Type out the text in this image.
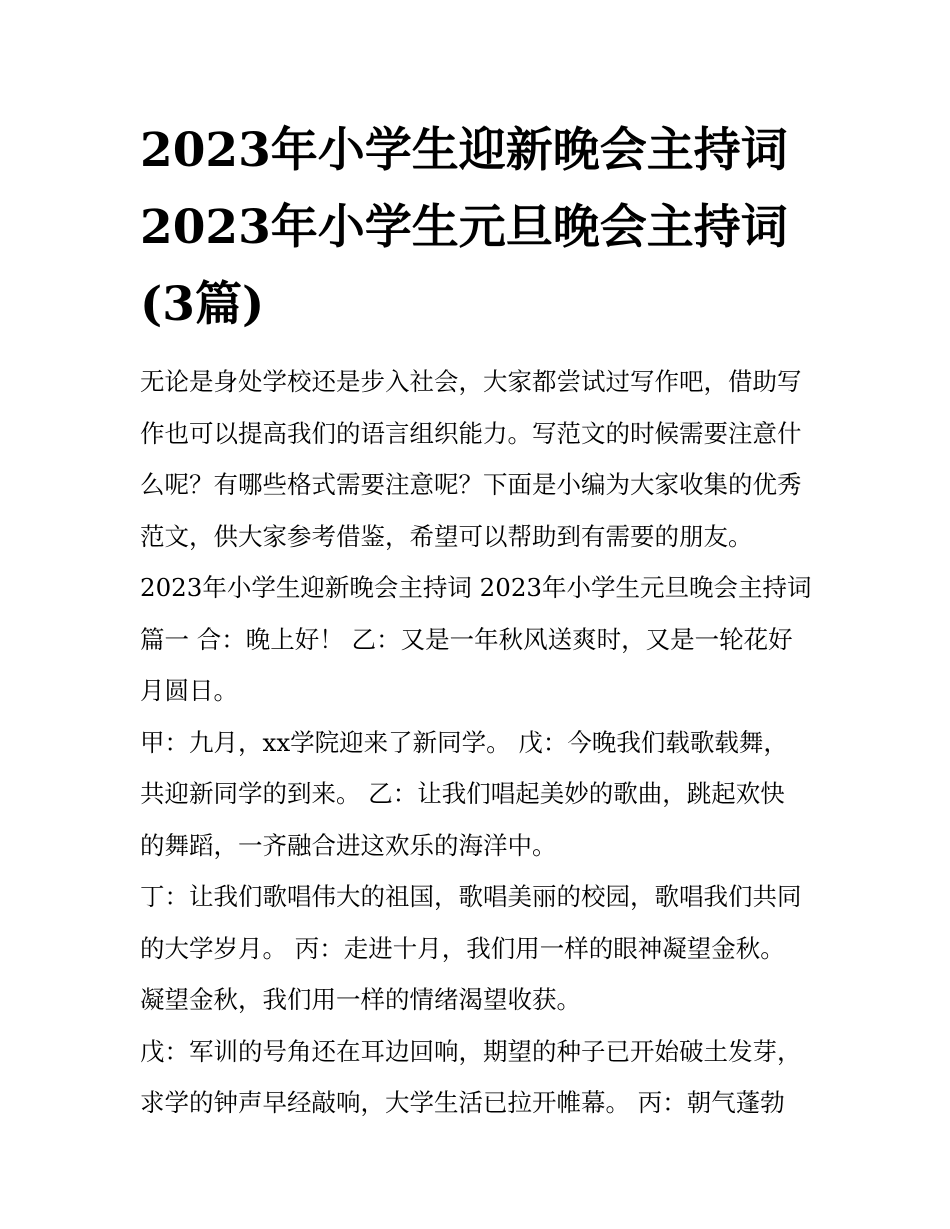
2023年小学生迎新晚会主持词
2023年小学生元旦晚会主持词
(3篇)
无论是身处学校还是步入社会，大家都尝试过写作吧，借助写
作也可以提高我们的语言组织能力。写范文的时候需要注意什
么呢？有哪些格式需要注意呢？下面是小编为大家收集的优秀
范文，供大家参考借鉴，希望可以帮助到有需要的朋友。
2023年小学生迎新晚会主持词 2023年小学生元旦晚会主持词
篇一 合：晚上好！ 乙：又是一年秋风送爽时，又是一轮花好
月圆日。
甲：九月，xx学院迎来了新同学。 戊：今晚我们载歌载舞，
共迎新同学的到来。 乙：让我们唱起美妙的歌曲，跳起欢快
的舞蹈，一齐融合进这欢乐的海洋中。
丁：让我们歌唱伟大的祖国，歌唱美丽的校园，歌唱我们共同
的大学岁月。 丙：走进十月，我们用一样的眼神凝望金秋。
凝望金秋，我们用一样的情绪渴望收获。
戊：军训的号角还在耳边回响，期望的种子已开始破土发芽，
求学的钟声早经敲响，大学生活已拉开帷幕。 丙：朝气蓬勃
